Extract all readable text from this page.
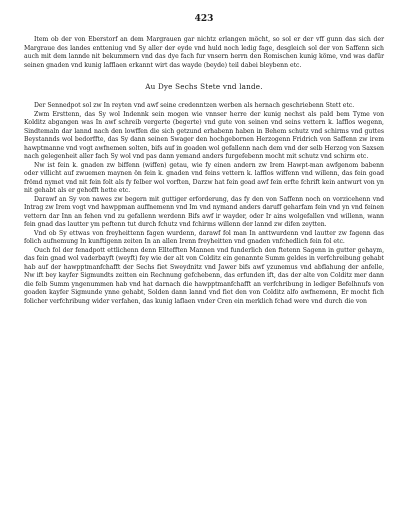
423

Item ob der von Eberstorf an dem Margrauen gar nichtz erlangen möcht, so sol er der vff gunn das sich der Margraue des landes entteniug vnd Sy aller der eyde vnd huld noch ledig fage, desgleich sol der von Saffenn sich auch mit dem lannde nit bekummern vnd das dye fach fur vnsern herrn den Romischen kunig köme, vnd was dafür seinen gnaden vnd kunig lafflaen erkannt wirt das wayde (beyde) teil dabei bleybenn etc.

Au Dye Sechs Stete vnd lande.

Der Sennedpot sol zw In reyten vnd awf seine credenntzen werben als hernach geschriebenn Stett etc.

Zwm Ersttenn, das Sy wol Indennk sein mogen wie vnnser herre der kunig nechst als pald bem Tyme von Kolditz abgangen was In awf schreib vergerte (begerte) vnd gute von seinen vnd seins vettern k. lafflos wegenn, Sindtemaln dar lannd nach den lowffen die sich getzund erhabenn haben in Behem schutz vnd schirms vnd guttes Beystannds wol bedorffte, das Sy dann seinen Swager den hochgebornen Herzogenn Fridrich von Saffenn zw irem hawptmanne vnd vogt awfnemen solten, bifs auf in goaden wol gefallenn nach dem vnd der selb Herzog von Saxsen nach gelegenheit aller fach Sy wol vnd pas dann yemand anders furgefebenn mocht mit schutz vnd schirm etc.

Nw ist fein k. gnaden zw biffenn (wiffen) getau, wie fy einen andern zw Irem Hawpt-man awfgenom babenn oder villicht auf zwuemen maynen ön fein k. gnaden vnd feins vettern k. lafflos wiffenn vnd willenn, das fein goad frömd nymet vnd nit fein folt als fy felber wol vorften, Darzw hat fein goad awf fein erfte fchrift kein antwurt von yn nit gehabt als er gehofft hette etc.

Darawf an Sy von nawes zw begern mit guttiger erforderung, das fy den von Saffenn noch on vorzicehenn vnd Intrag zw Irem vogt vnd hawppman auffnemenn vnd Im vnd nymand anders daruff geharfam fein vnd yn vnd feinen vettern dar Inn an fehen vnd zu gefallenn werdenn Bifs awf ir wayder, oder Ir ains wolgefallen vnd willenn, wann fein gnad das lautter ym peftenn tut durch fchutz vnd fchirms willenn der lannd zw difen zeytten.

Vnd ob Sy ettwas von freyheittenn fagen wurdenn, darawf fol man In anttwurdenn vnd lautter zw fagenn das folich aufnemung In kunftigenn zeiten In an allen Irenn freyheitten vnd gnaden vnfchedlich fein fol etc.

Ouch fol der fenadpott ettlichenn denn Elltefften Mannen vnd funderlich den ftetenn Sagenn in gutter gehaym, das fein gnad wol vaderbayft (weyft) fey wie der alt von Colditz ein genannte Summ geldes in verfchreibung gehabt hab auf der hawpptmanfchafft der Sechs fiet Sweydnitz vnd Jawer bifs awf yzunemus vnd abflahung der anfelle, Nw ift bey kayfer Sigmundts zeitten ein Rechnung gefchebenn, das erfunden ift, das der alte von Colditz mer dann die felb Summ yngenummen hab vnd hat darnach die hawpptmanfchafft an verfchribung in lediger Befelhnufs von goaden kayfer Sigmunde ynne gehabt, Solden dann lannd vnd fiet den von Colditz alfo awfnemenn, Er mocht fich folicher verfchribung wider verfahen, das kunig laflaen vnder Cren ein merklich fchad were vnd durch die von
